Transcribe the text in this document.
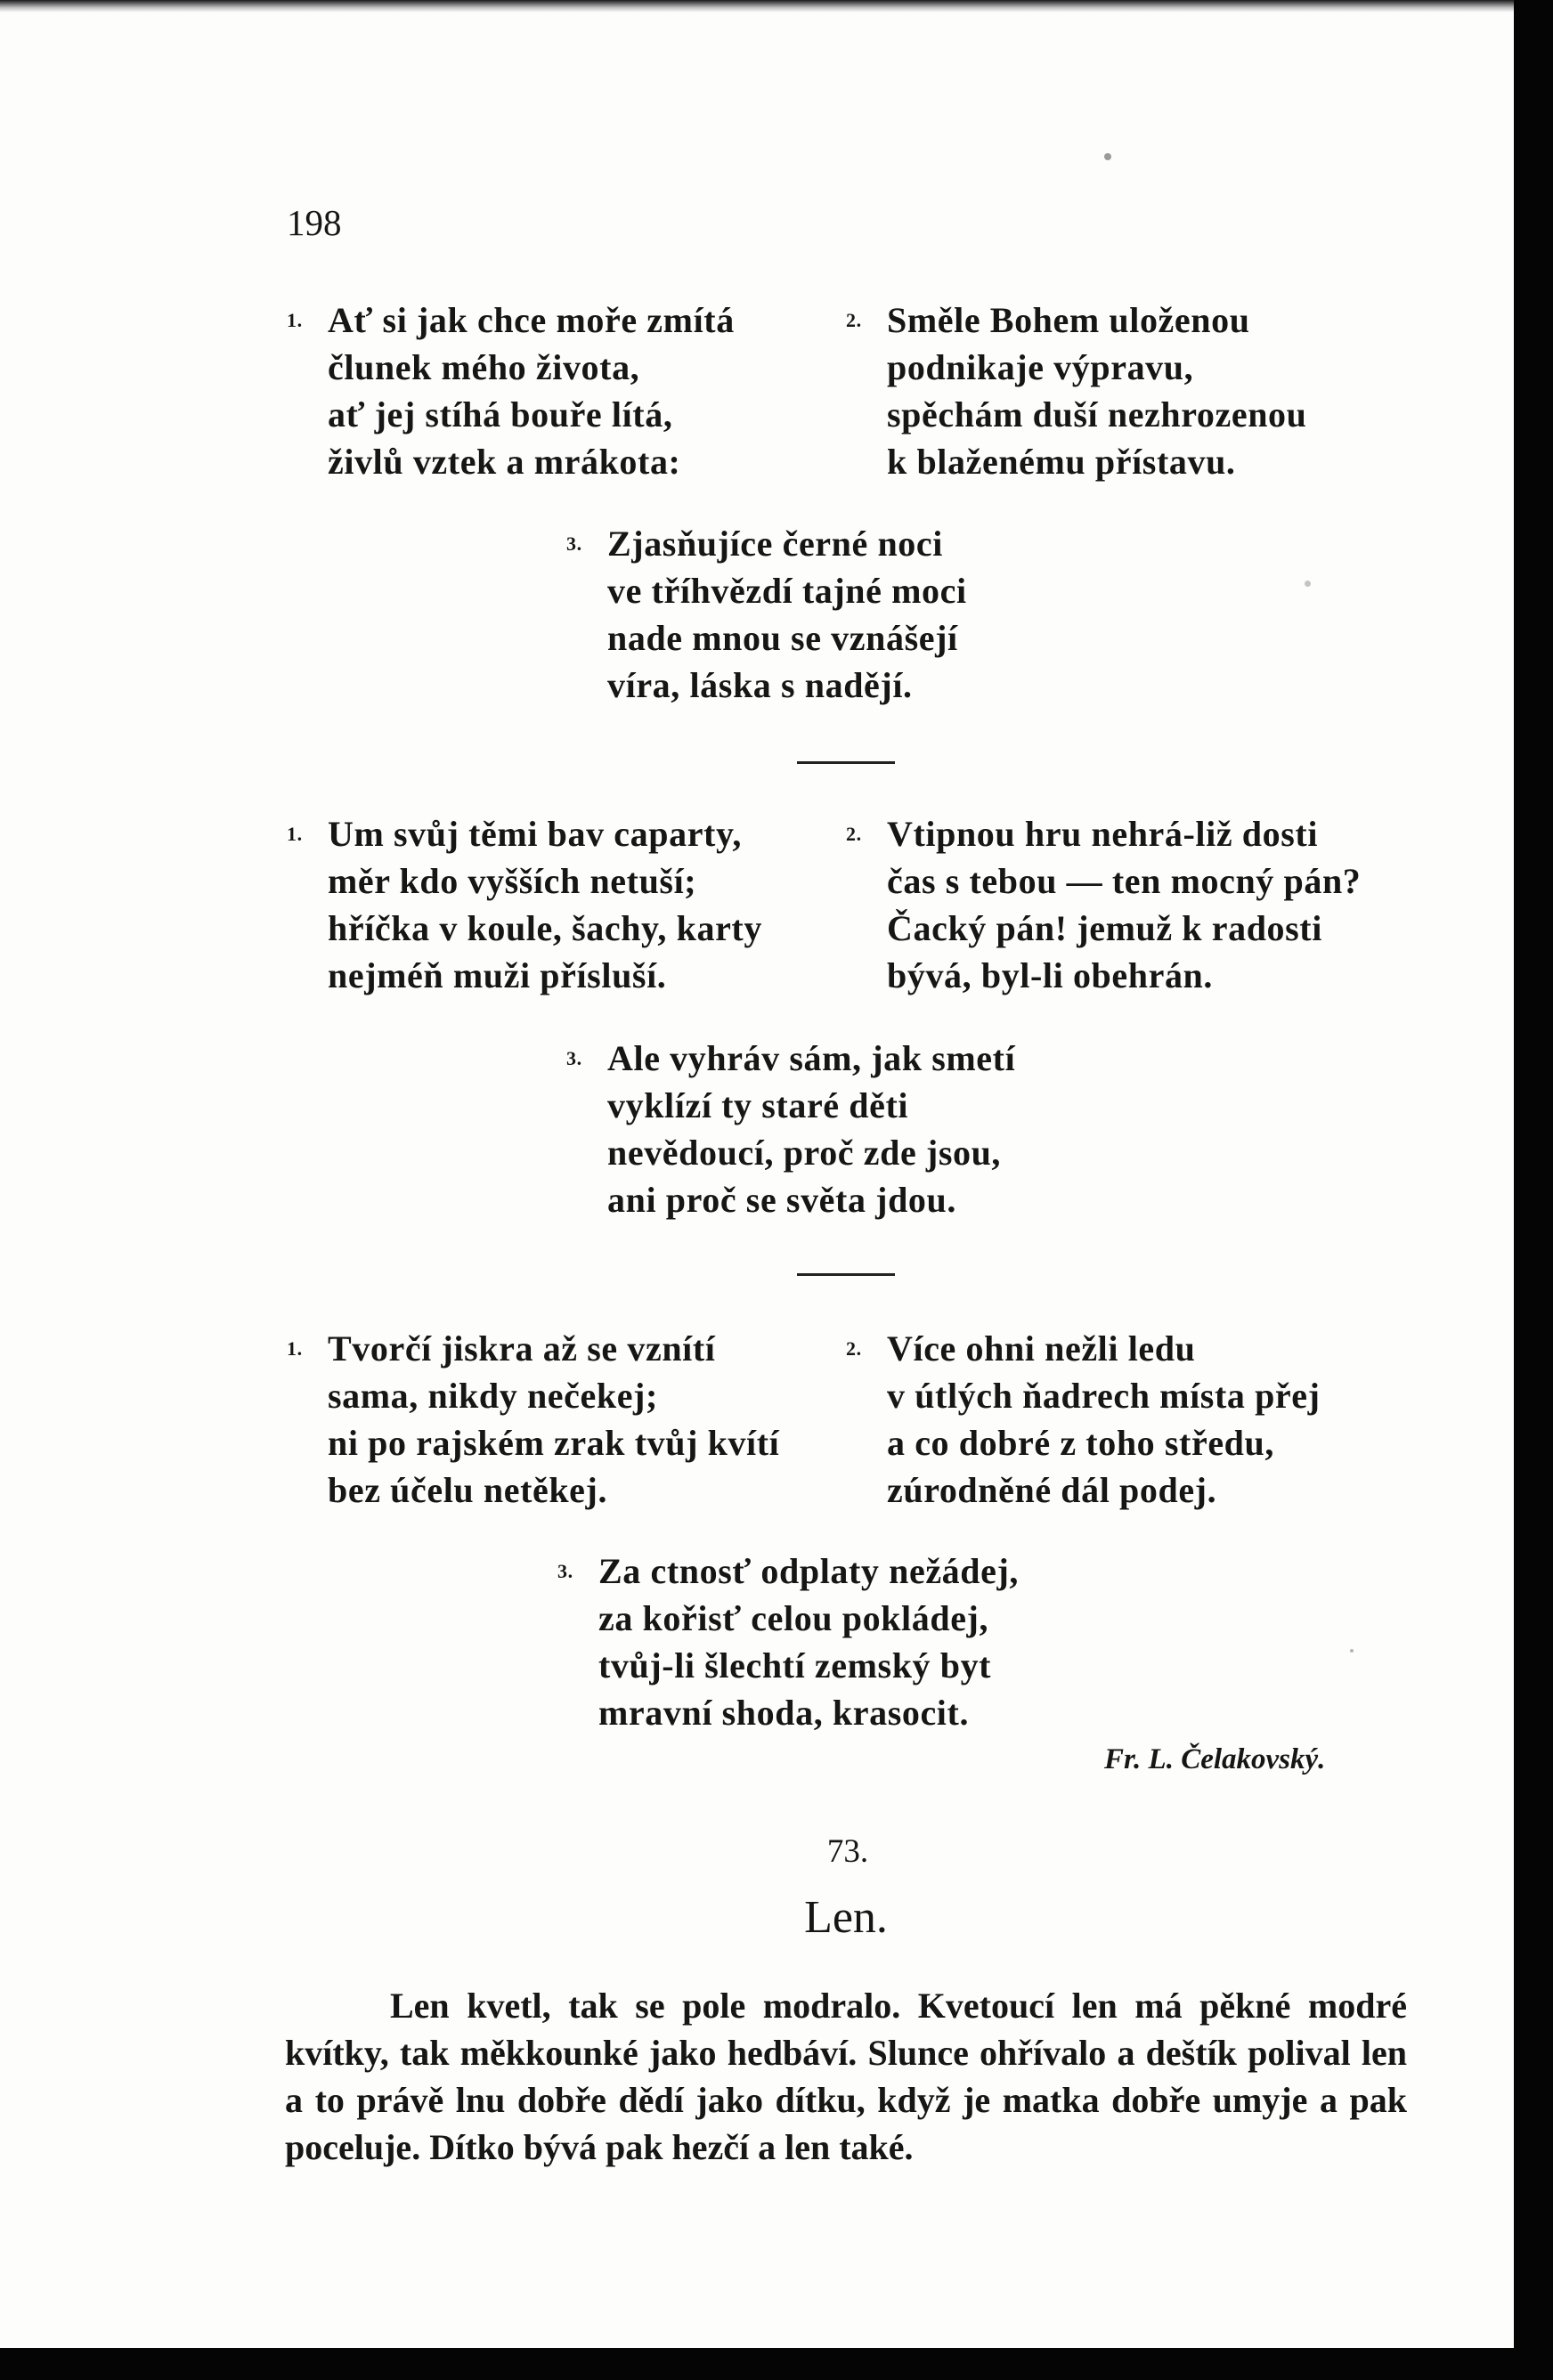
198

1. Ať si jak chce moře zmítá
člunek mého života,
ať jej stíhá bouře lítá,
živlů vztek a mrákota:
2. Směle Bohem uloženou
podnikaje výpravu,
spěchám duší nezhrozenou
k blaženému přístavu.
3. Zjasňujíce černé noci
ve tříhvězdí tajné moci
nade mnou se vznášejí
víra, láska s nadějí.
1. Um svůj těmi bav caparty,
měr kdo vyšších netuší;
hříčka v koule, šachy, karty
nejméň muži přísluší.
2. Vtipnou hru nehrá-liž dosti
čas s tebou — ten mocný pán?
Čacký pán! jemuž k radosti
bývá, byl-li obehrán.
3. Ale vyhráv sám, jak smetí
vyklízí ty staré děti
nevědoucí, proč zde jsou,
ani proč se světa jdou.
1. Tvorčí jiskra až se vznítí
sama, nikdy nečekej;
ni po rajském zrak tvůj kvítí
bez účelu netěkej.
2. Více ohni nežli ledu
v útlých ňadrech místa přej
a co dobré z toho středu,
zúrodněné dál podej.
3. Za ctnosť odplaty nežádej,
za kořisť celou pokládej,
tvůj-li šlechtí zemský byt
mravní shoda, krasocit.

Fr. L. Čelakovský.

73.

Len.

Len kvetl, tak se pole modralo. Kvetoucí len má pěkné modré kvítky, tak měkkounké jako hedbáví. Slunce ohřívalo a deštík polival len a to právě lnu dobře dědí jako dítku, když je matka dobře umyje a pak poceluje. Dítko bývá pak hezčí a len také.
